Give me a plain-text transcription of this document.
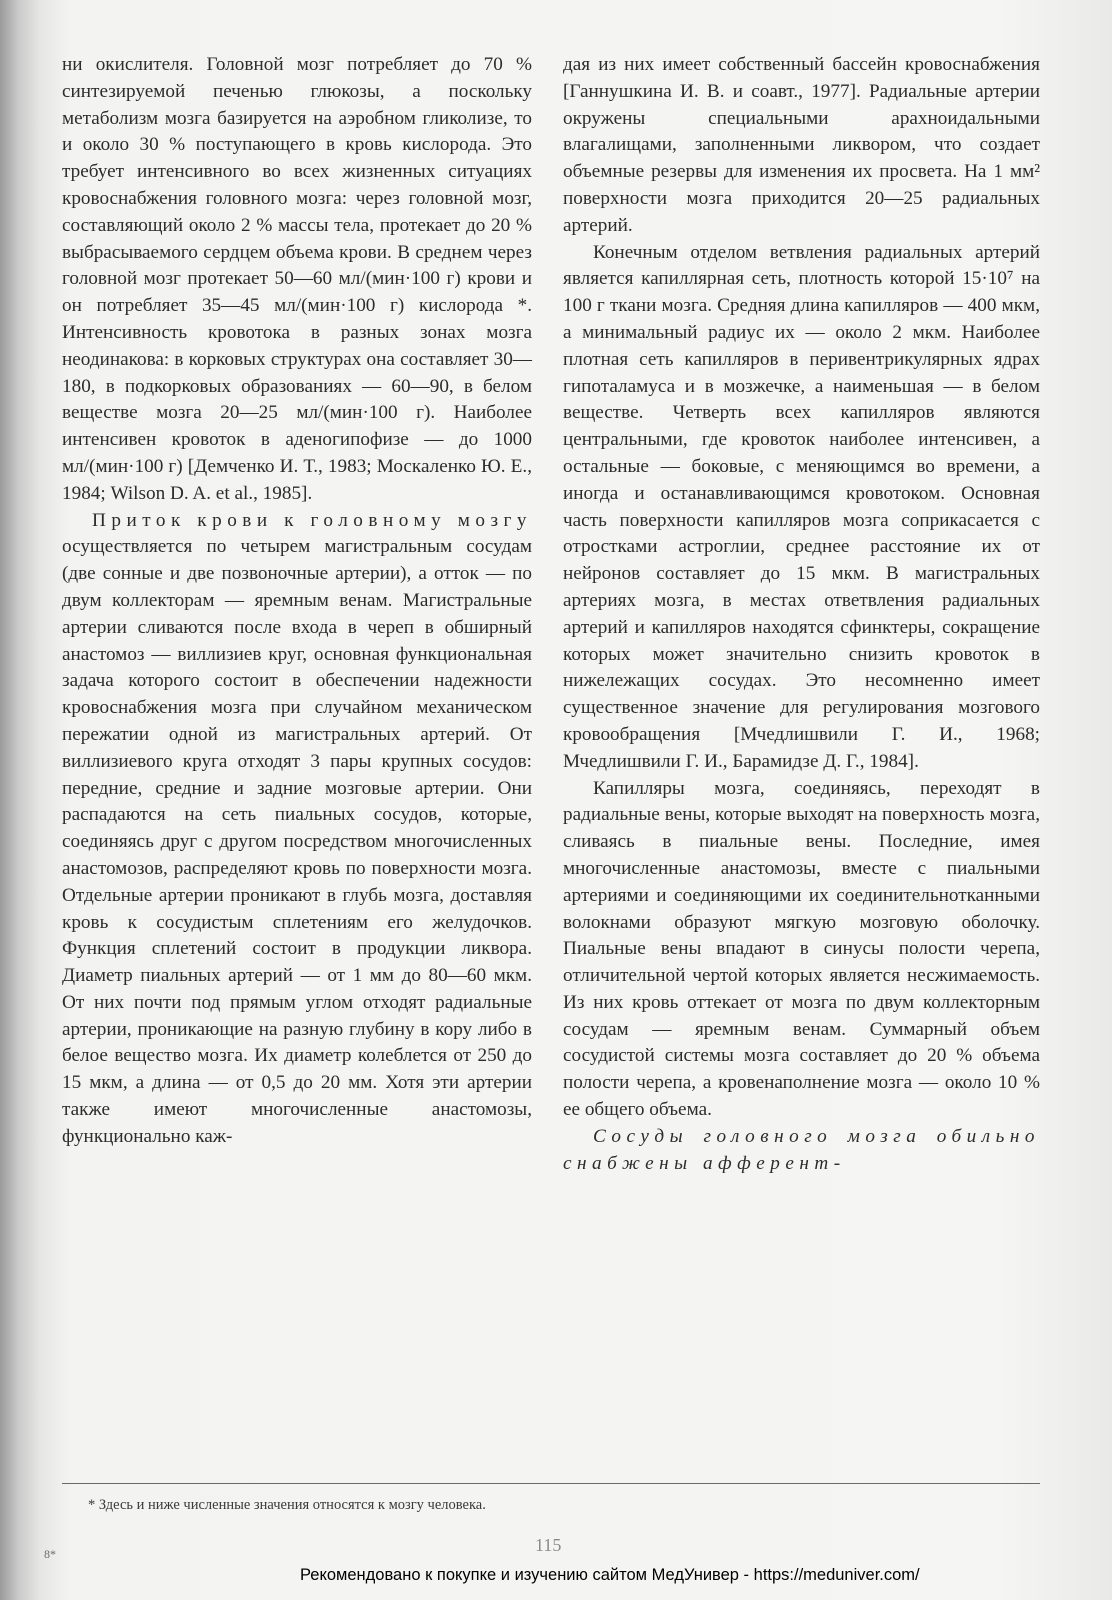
ни окислителя. Головной мозг потребляет до 70 % синтезируемой печенью глюкозы, а поскольку метаболизм мозга базируется на аэробном гликолизе, то и около 30 % поступающего в кровь кислорода. Это требует интенсивного во всех жизненных ситуациях кровоснабжения головного мозга: через головной мозг, составляющий около 2 % массы тела, протекает до 20 % выбрасываемого сердцем объема крови. В среднем через головной мозг протекает 50—60 мл/(мин·100 г) крови и он потребляет 35—45 мл/(мин·100 г) кислорода *. Интенсивность кровотока в разных зонах мозга неодинакова: в корковых структурах она составляет 30—180, в подкорковых образованиях — 60—90, в белом веществе мозга 20—25 мл/(мин·100 г). Наиболее интенсивен кровоток в аденогипофизе — до 1000 мл/(мин·100 г) [Демченко И. Т., 1983; Москаленко Ю. Е., 1984; Wilson D. A. et al., 1985].

Приток крови к головному мозгу осуществляется по четырем магистральным сосудам (две сонные и две позвоночные артерии), а отток — по двум коллекторам — яремным венам. Магистральные артерии сливаются после входа в череп в обширный анастомоз — виллизиев круг, основная функциональная задача которого состоит в обеспечении надежности кровоснабжения мозга при случайном механическом пережатии одной из магистральных артерий. От виллизиевого круга отходят 3 пары крупных сосудов: передние, средние и задние мозговые артерии. Они распадаются на сеть пиальных сосудов, которые, соединяясь друг с другом посредством многочисленных анастомозов, распределяют кровь по поверхности мозга. Отдельные артерии проникают в глубь мозга, доставляя кровь к сосудистым сплетениям его желудочков. Функция сплетений состоит в продукции ликвора. Диаметр пиальных артерий — от 1 мм до 80—60 мкм. От них почти под прямым углом отходят радиальные артерии, проникающие на разную глубину в кору либо в белое вещество мозга. Их диаметр колеблется от 250 до 15 мкм, а длина — от 0,5 до 20 мм. Хотя эти артерии также имеют многочисленные анастомозы, функционально каж-

дая из них имеет собственный бассейн кровоснабжения [Ганнушкина И. В. и соавт., 1977]. Радиальные артерии окружены специальными арахноидальными влагалищами, заполненными ликвором, что создает объемные резервы для изменения их просвета. На 1 мм² поверхности мозга приходится 20—25 радиальных артерий.

Конечным отделом ветвления радиальных артерий является капиллярная сеть, плотность которой 15·10⁷ на 100 г ткани мозга. Средняя длина капилляров — 400 мкм, а минимальный радиус их — около 2 мкм. Наиболее плотная сеть капилляров в перивентрикулярных ядрах гипоталамуса и в мозжечке, а наименьшая — в белом веществе. Четверть всех капилляров являются центральными, где кровоток наиболее интенсивен, а остальные — боковые, с меняющимся во времени, а иногда и останавливающимся кровотоком. Основная часть поверхности капилляров мозга соприкасается с отростками астроглии, среднее расстояние их от нейронов составляет до 15 мкм. В магистральных артериях мозга, в местах ответвления радиальных артерий и капилляров находятся сфинктеры, сокращение которых может значительно снизить кровоток в нижележащих сосудах. Это несомненно имеет существенное значение для регулирования мозгового кровообращения [Мчедлишвили Г. И., 1968; Мчедлишвили Г. И., Барамидзе Д. Г., 1984].

Капилляры мозга, соединяясь, переходят в радиальные вены, которые выходят на поверхность мозга, сливаясь в пиальные вены. Последние, имея многочисленные анастомозы, вместе с пиальными артериями и соединяющими их соединительнотканными волокнами образуют мягкую мозговую оболочку. Пиальные вены впадают в синусы полости черепа, отличительной чертой которых является несжимаемость. Из них кровь оттекает от мозга по двум коллекторным сосудам — яремным венам. Суммарный объем сосудистой системы мозга составляет до 20 % объема полости черепа, а кровенаполнение мозга — около 10 % ее общего объема.

Сосуды головного мозга обильно снабжены афферент-

* Здесь и ниже численные значения относятся к мозгу человека.
115
8*
Рекомендовано к покупке и изучению сайтом МедУнивер - https://meduniver.com/
